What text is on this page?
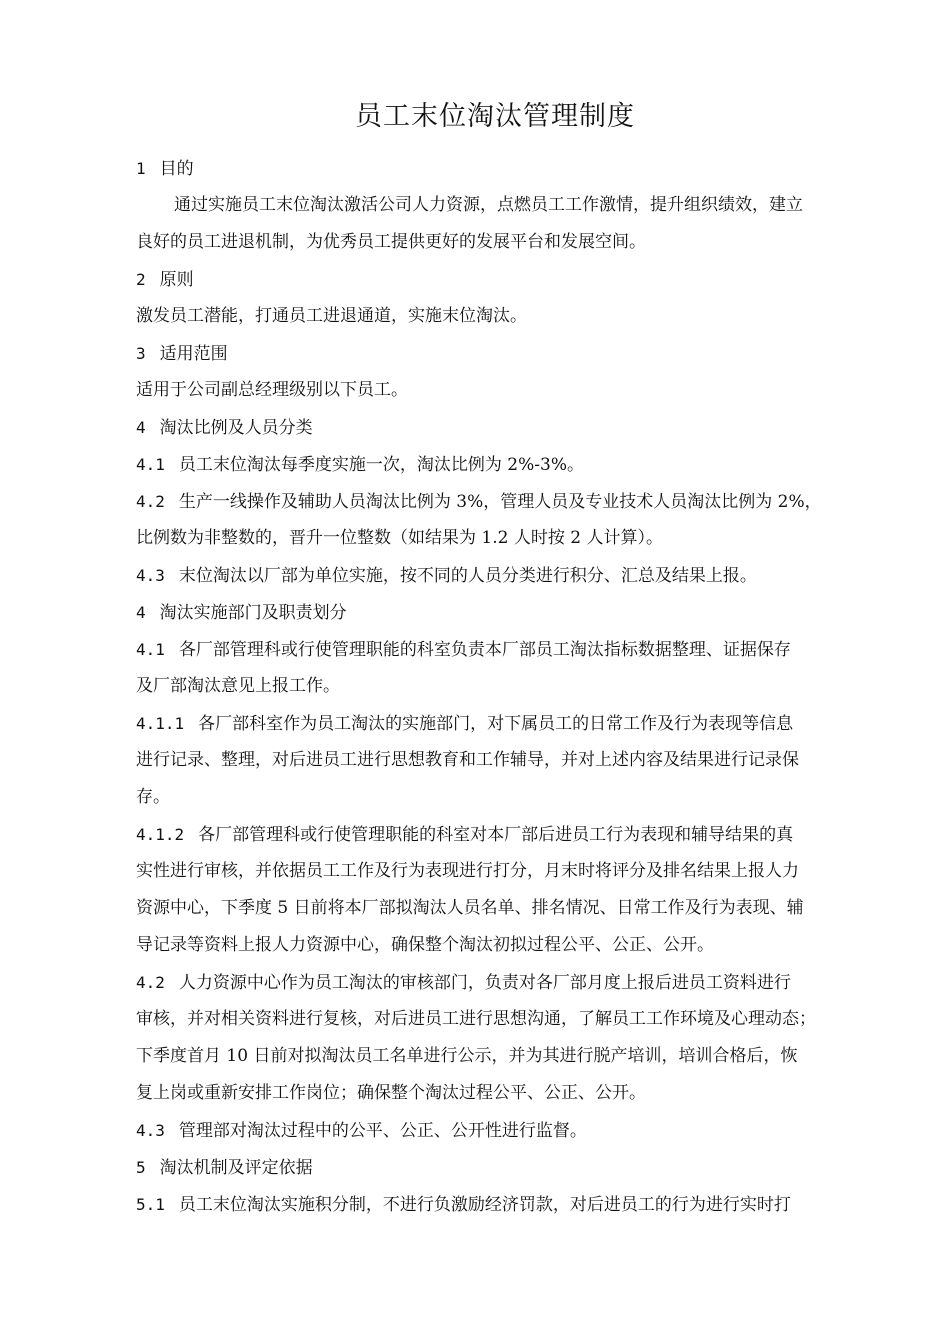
员工末位淘汰管理制度
1 目的
通过实施员工末位淘汰激活公司人力资源，点燃员工工作激情，提升组织绩效，建立
良好的员工进退机制，为优秀员工提供更好的发展平台和发展空间。
2 原则
激发员工潜能，打通员工进退通道，实施末位淘汰。
3 适用范围
适用于公司副总经理级别以下员工。
4 淘汰比例及人员分类
4.1 员工末位淘汰每季度实施一次，淘汰比例为 2%-3%。
4.2 生产一线操作及辅助人员淘汰比例为 3%，管理人员及专业技术人员淘汰比例为 2%，
比例数为非整数的，晋升一位整数（如结果为 1.2 人时按 2 人计算）。
4.3 末位淘汰以厂部为单位实施，按不同的人员分类进行积分、汇总及结果上报。
4 淘汰实施部门及职责划分
4.1 各厂部管理科或行使管理职能的科室负责本厂部员工淘汰指标数据整理、证据保存
及厂部淘汰意见上报工作。
4.1.1 各厂部科室作为员工淘汰的实施部门，对下属员工的日常工作及行为表现等信息
进行记录、整理，对后进员工进行思想教育和工作辅导，并对上述内容及结果进行记录保
存。
4.1.2 各厂部管理科或行使管理职能的科室对本厂部后进员工行为表现和辅导结果的真
实性进行审核，并依据员工工作及行为表现进行打分，月末时将评分及排名结果上报人力
资源中心，下季度 5 日前将本厂部拟淘汰人员名单、排名情况、日常工作及行为表现、辅
导记录等资料上报人力资源中心，确保整个淘汰初拟过程公平、公正、公开。
4.2 人力资源中心作为员工淘汰的审核部门，负责对各厂部月度上报后进员工资料进行
审核，并对相关资料进行复核，对后进员工进行思想沟通，了解员工工作环境及心理动态；
下季度首月 10 日前对拟淘汰员工名单进行公示，并为其进行脱产培训，培训合格后，恢
复上岗或重新安排工作岗位；确保整个淘汰过程公平、公正、公开。
4.3 管理部对淘汰过程中的公平、公正、公开性进行监督。
5 淘汰机制及评定依据
5.1 员工末位淘汰实施积分制，不进行负激励经济罚款，对后进员工的行为进行实时打
